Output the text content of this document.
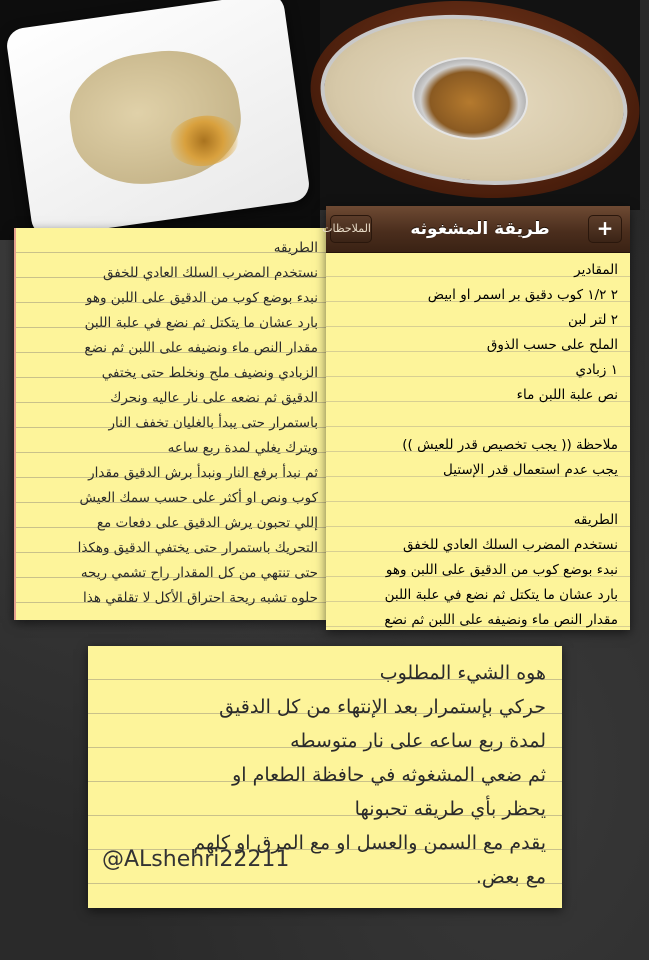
الطريقه
نستخدم المضرب السلك العادي للخفق
نبدء بوضع كوب من الدقيق على اللبن وهو
بارد عشان ما يتكتل ثم نضع في علبة اللبن
مقدار النص ماء ونضيفه على اللبن ثم نضع
الزبادي ونضيف ملح ونخلط حتى يختفي
الدقيق ثم نضعه على نار عاليه ونحرك
باستمرار حتى يبدأ بالغليان تخفف النار
ويترك يغلي لمدة ربع ساعه
ثم نبدأ برفع النار ونبدأ برش الدقيق مقدار
كوب ونص او أكثر على حسب سمك العيش
إللي تحبون يرش الدقيق على دفعات مع
التحريك باستمرار حتى يختفي الدقيق وهكذا
حتى تنتهي من كل المقدار راح تشمي ريحه
حلوه تشبه ريحة احتراق الأكل لا تقلقي هذا
الملاحظات	طريقة المشغوثه	+
المقادير
٢ ١/٢ كوب دقيق بر اسمر او ابيض
٢ لتر لبن
الملح على حسب الذوق
١ زبادي
نص علبة اللبن ماء
ملاحظة (( يجب تخصيص قدر للعيش ))
يجب عدم استعمال قدر الإستيل
الطريقه
نستخدم المضرب السلك العادي للخفق
نبدء بوضع كوب من الدقيق على اللبن وهو
بارد عشان ما يتكتل ثم نضع في علبة اللبن
مقدار النص ماء ونضيفه على اللبن ثم نضع
هوه الشيء المطلوب
حركي بإستمرار بعد الإنتهاء من كل الدقيق
لمدة ربع ساعه على نار متوسطه
ثم ضعي المشغوثه في حافظة الطعام او
يحظر بأي طريقه تحبونها
يقدم مع السمن والعسل او مع المرق او كلهم
مع بعض.
@ALshehri22211
